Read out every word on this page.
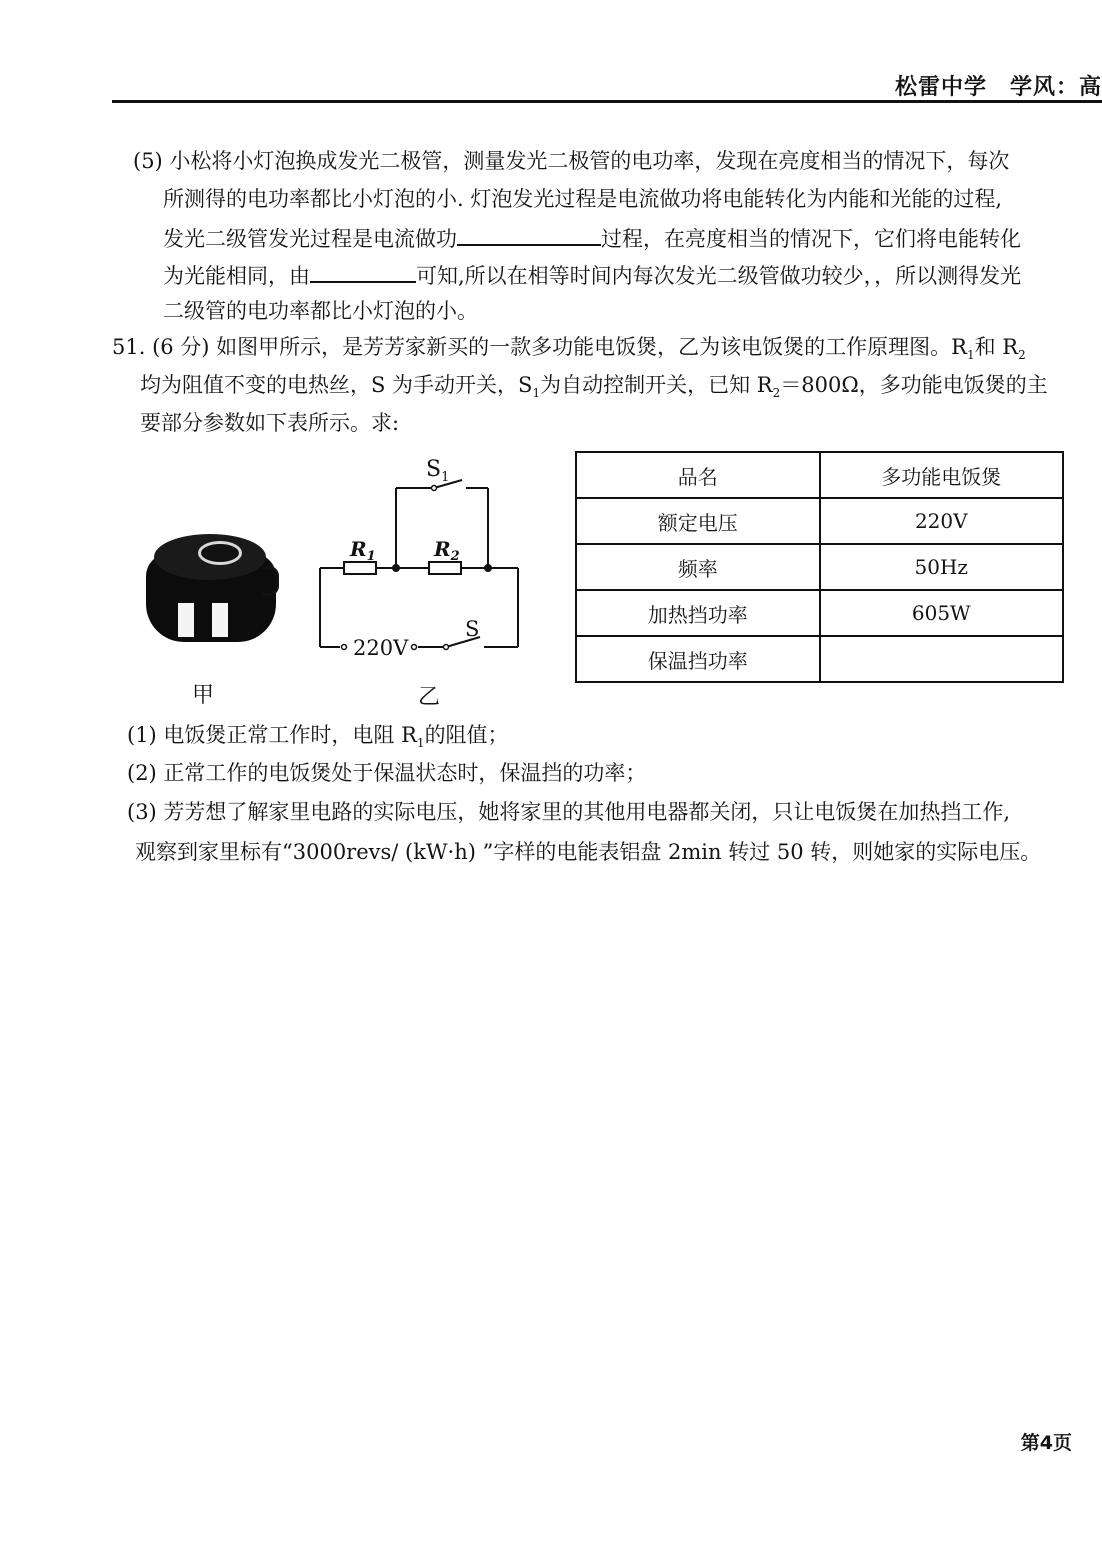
松雷中学　学风：高
(5) 小松将小灯泡换成发光二极管，测量发光二极管的电功率，发现在亮度相当的情况下，每次
所测得的电功率都比小灯泡的小. 灯泡发光过程是电流做功将电能转化为内能和光能的过程,
发光二级管发光过程是电流做功	过程，在亮度相当的情况下，它们将电能转化
为光能相同，由	可知,所以在相等时间内每次发光二级管做功较少，，所以测得发光
二级管的电功率都比小灯泡的小。
51. (6 分) 如图甲所示，是芳芳家新买的一款多功能电饭煲，乙为该电饭煲的工作原理图。$R_1$和 $R_2$
均为阻值不变的电热丝，S 为手动开关，$S_1$为自动控制开关，已知 $R_2=800\Omega$，多功能电饭煲的主
要部分参数如下表所示。求:
甲
$S_1$
$R_1$	$R_2$
220V
S
乙
品名	多功能电饭煲
额定电压	220V
频率	50Hz
加热挡功率	605W
保温挡功率	
(1) 电饭煲正常工作时，电阻 $R_1$的阻值；
(2) 正常工作的电饭煲处于保温状态时，保温挡的功率；
(3) 芳芳想了解家里电路的实际电压，她将家里的其他用电器都关闭，只让电饭煲在加热挡工作,
观察到家里标有“3000revs/ (kW·h) ”字样的电能表铝盘 2min 转过 50 转，则她家的实际电压。
第4页
